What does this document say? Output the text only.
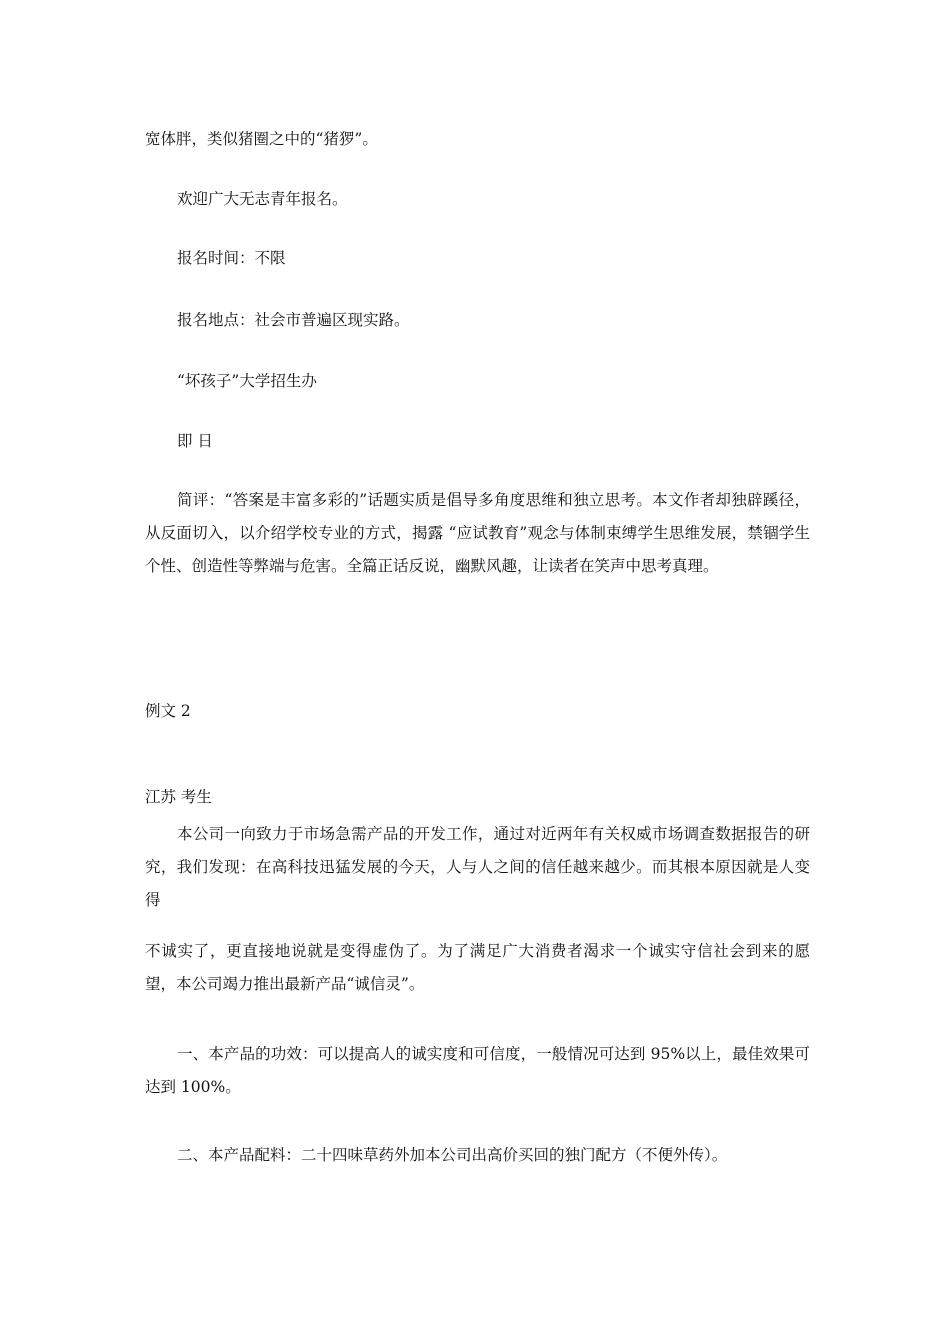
宽体胖，类似猪圈之中的“猪猡”。
欢迎广大无志青年报名。
报名时间：不限
报名地点：社会市普遍区现实路。
“坏孩子”大学招生办
即 日
简评：“答案是丰富多彩的”话题实质是倡导多角度思维和独立思考。本文作者却独辟蹊径，从反面切入，以介绍学校专业的方式，揭露 “应试教育”观念与体制束缚学生思维发展，禁锢学生个性、创造性等弊端与危害。全篇正话反说，幽默风趣，让读者在笑声中思考真理。
例文 2
江苏 考生
本公司一向致力于市场急需产品的开发工作，通过对近两年有关权威市场调查数据报告的研究，我们发现：在高科技迅猛发展的今天，人与人之间的信任越来越少。而其根本原因就是人变得
不诚实了，更直接地说就是变得虚伪了。为了满足广大消费者渴求一个诚实守信社会到来的愿望，本公司竭力推出最新产品“诚信灵”。
一、本产品的功效：可以提高人的诚实度和可信度，一般情况可达到 95%以上，最佳效果可达到 100%。
二、本产品配料：二十四味草药外加本公司出高价买回的独门配方（不便外传）。
